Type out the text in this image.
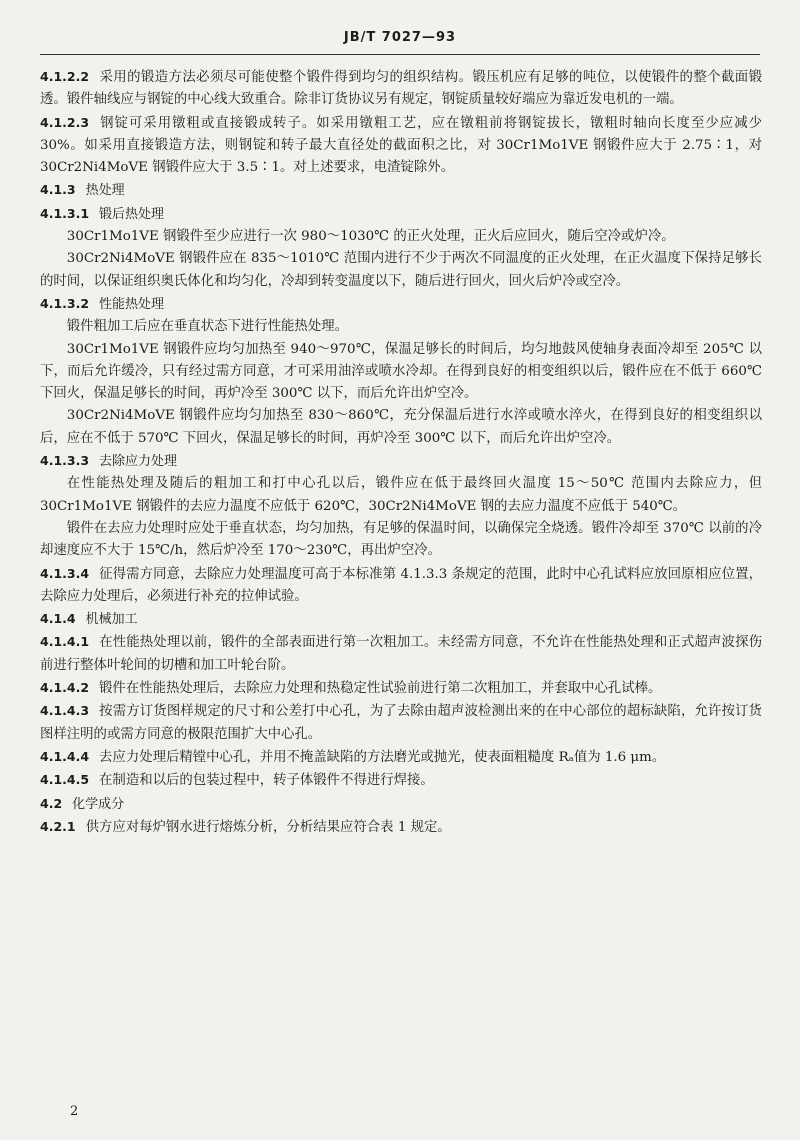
JB/T 7027—93

4.1.2.2 采用的锻造方法必须尽可能使整个锻件得到均匀的组织结构。锻压机应有足够的吨位，以使锻件的整个截面锻透。锻件轴线应与钢锭的中心线大致重合。除非订货协议另有规定，钢锭质量较好端应为靠近发电机的一端。

4.1.2.3 钢锭可采用镦粗或直接锻成转子。如采用镦粗工艺，应在镦粗前将钢锭拔长，镦粗时轴向长度至少应减少 30%。如采用直接锻造方法，则钢锭和转子最大直径处的截面积之比，对 30Cr1Mo1VE 钢锻件应大于 2.75∶1，对 30Cr2Ni4MoVE 钢锻件应大于 3.5∶1。对上述要求，电渣锭除外。

4.1.3 热处理

4.1.3.1 锻后热处理

30Cr1Mo1VE 钢锻件至少应进行一次 980～1030℃ 的正火处理，正火后应回火，随后空冷或炉冷。

30Cr2Ni4MoVE 钢锻件应在 835～1010℃ 范围内进行不少于两次不同温度的正火处理，在正火温度下保持足够长的时间，以保证组织奥氏体化和均匀化，冷却到转变温度以下，随后进行回火，回火后炉冷或空冷。

4.1.3.2 性能热处理

锻件粗加工后应在垂直状态下进行性能热处理。

30Cr1Mo1VE 钢锻件应均匀加热至 940～970℃，保温足够长的时间后，均匀地鼓风使轴身表面冷却至 205℃ 以下，而后允许缓冷，只有经过需方同意，才可采用油淬或喷水冷却。在得到良好的相变组织以后，锻件应在不低于 660℃ 下回火，保温足够长的时间，再炉冷至 300℃ 以下，而后允许出炉空冷。

30Cr2Ni4MoVE 钢锻件应均匀加热至 830～860℃，充分保温后进行水淬或喷水淬火，在得到良好的相变组织以后，应在不低于 570℃ 下回火，保温足够长的时间，再炉冷至 300℃ 以下，而后允许出炉空冷。

4.1.3.3 去除应力处理

在性能热处理及随后的粗加工和打中心孔以后，锻件应在低于最终回火温度 15～50℃ 范围内去除应力，但 30Cr1Mo1VE 钢锻件的去应力温度不应低于 620℃，30Cr2Ni4MoVE 钢的去应力温度不应低于 540℃。

锻件在去应力处理时应处于垂直状态，均匀加热，有足够的保温时间，以确保完全烧透。锻件冷却至 370℃ 以前的冷却速度应不大于 15℃/h，然后炉冷至 170～230℃，再出炉空冷。

4.1.3.4 征得需方同意，去除应力处理温度可高于本标准第 4.1.3.3 条规定的范围，此时中心孔试料应放回原相应位置，去除应力处理后，必须进行补充的拉伸试验。

4.1.4 机械加工

4.1.4.1 在性能热处理以前，锻件的全部表面进行第一次粗加工。未经需方同意，不允许在性能热处理和正式超声波探伤前进行整体叶轮间的切槽和加工叶轮台阶。

4.1.4.2 锻件在性能热处理后，去除应力处理和热稳定性试验前进行第二次粗加工，并套取中心孔试棒。

4.1.4.3 按需方订货图样规定的尺寸和公差打中心孔，为了去除由超声波检测出来的在中心部位的超标缺陷，允许按订货图样注明的或需方同意的极限范围扩大中心孔。

4.1.4.4 去应力处理后精镗中心孔，并用不掩盖缺陷的方法磨光或抛光，使表面粗糙度 Rₐ值为 1.6 μm。

4.1.4.5 在制造和以后的包装过程中，转子体锻件不得进行焊接。

4.2 化学成分

4.2.1 供方应对每炉钢水进行熔炼分析，分析结果应符合表 1 规定。

2
